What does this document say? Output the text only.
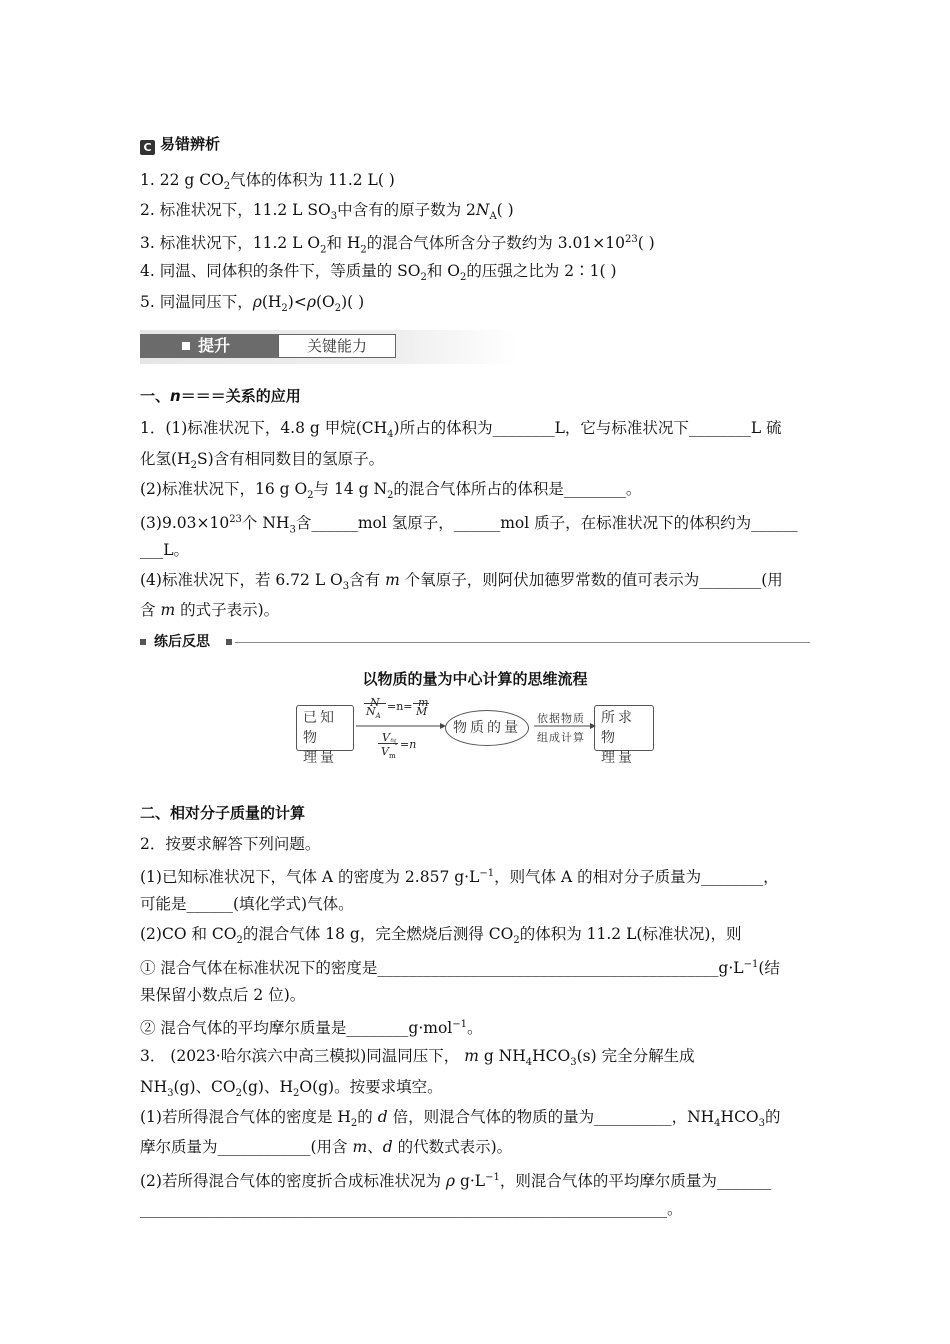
C 易错辨析
1. 22 g $CO_2$气体的体积为 11.2 L( )
2. 标准状况下，11.2 L $SO_3$中含有的原子数为 $2N_A$( )
3. 标准状况下，11.2 L $O_2$和 $H_2$的混合气体所含分子数约为 $3.01\times 10^{23}$( )
4. 同温、同体积的条件下，等质量的 $SO_2$和 $O_2$的压强之比为 2∶1( )
5. 同温同压下，$\rho(H_2)<\rho(O_2)$( )
提升	关键能力
一、n＝＝＝关系的应用
1．(1)标准状况下，4.8 g 甲烷$(CH_4)$所占的体积为________L，它与标准状况下________L 硫
化氢$(H_2S)$含有相同数目的氢原子。
(2)标准状况下，16 g $O_2$与 14 g $N_2$的混合气体所占的体积是________。
$(3)9.03\times 10^{23}$个 $NH_3$含______mol 氢原子，______mol 质子，在标准状况下的体积约为______
___L。
(4)标准状况下，若 6.72 L $O_3$含有 m 个氧原子，则阿伏加德罗常数的值可表示为________(用
含 m 的式子表示)。
练后反思
以物质的量为中心计算的思维流程
已知物
理量
N
$N_A$
=n= m
M
$V_气$
$V_m$
=n
物质的量
依据物质
组成计算
所求物
理量
二、相对分子质量的计算
2．按要求解答下列问题。
(1)已知标准状况下，气体 A 的密度为 2.857 $g\cdot L^{-1}$，则气体 A 的相对分子质量为________，
可能是______(填化学式)气体。
(2)CO 和 $CO_2$的混合气体 18 g，完全燃烧后测得 $CO_2$的体积为 11.2 L(标准状况)，则
① 混合气体在标准状况下的密度是$\_\_\_\_\_\_\_\_\_\_\_\_\_\_\_\_\_\_\_\_\_\_\_\_\_\_\_\_\_\_\_\_\_\_\_\_\_\_\_\_\_\_\_\_g\cdot L^{-1}$(结
果保留小数点后 2 位)。
② 混合气体的平均摩尔质量是________g·mol$^{-1}$。
3． (2023·哈尔滨六中高三模拟)同温同压下， m g $NH_4HCO_3(s)$ 完全分解生成
$NH_3(g)$、$CO_2(g)$、$H_2O(g)$。按要求填空。
(1)若所得混合气体的密度是 $H_2$的 d 倍，则混合气体的物质的量为__________，$NH_4HCO_3$的
摩尔质量为____________(用含 m、d 的代数式表示)。
(2)若所得混合气体的密度折合成标准状况为 ρ $g\cdot L^{-1}$，则混合气体的平均摩尔质量为_______
____________________________________________________________________。
